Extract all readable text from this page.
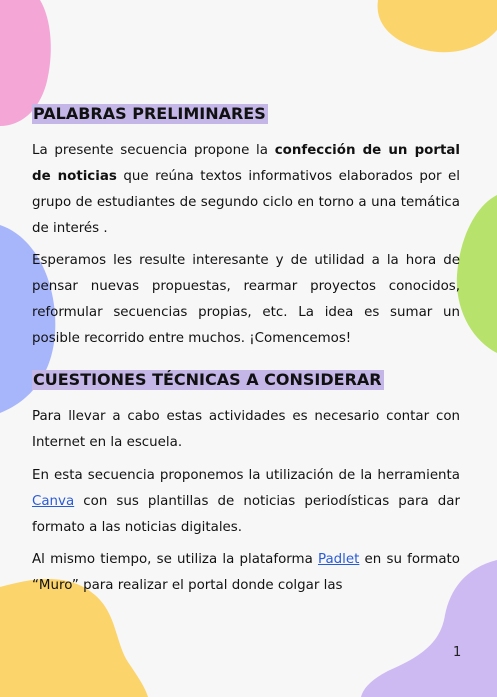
PALABRAS PRELIMINARES

La presente secuencia propone la confección de un portal de noticias que reúna textos informativos elaborados por el grupo de estudiantes de segundo ciclo en torno a una temática de interés .

Esperamos les resulte interesante y de utilidad a la hora de pensar nuevas propuestas, rearmar proyectos conocidos, reformular secuencias propias, etc. La idea es sumar un posible recorrido entre muchos. ¡Comencemos!

CUESTIONES TÉCNICAS A CONSIDERAR

Para llevar a cabo estas actividades es necesario contar con Internet en la escuela.

En esta secuencia proponemos la utilización de la herramienta Canva con sus plantillas de noticias periodísticas para dar formato a las noticias digitales.

Al mismo tiempo, se utiliza la plataforma Padlet en su formato “Muro” para realizar el portal donde colgar las

1
